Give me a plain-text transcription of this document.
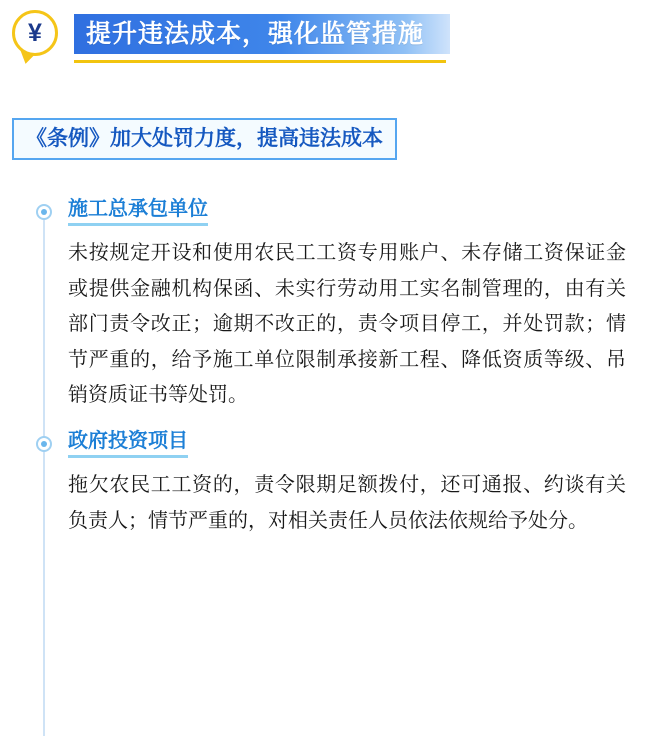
¥	提升违法成本，强化监管措施
《条例》加大处罚力度，提高违法成本
施工总承包单位

未按规定开设和使用农民工工资专用账户、未存储工资保证金或提供金融机构保函、未实行劳动用工实名制管理的，由有关部门责令改正；逾期不改正的，责令项目停工，并处罚款；情节严重的，给予施工单位限制承接新工程、降低资质等级、吊销资质证书等处罚。

政府投资项目

拖欠农民工工资的，责令限期足额拨付，还可通报、约谈有关负责人；情节严重的，对相关责任人员依法依规给予处分。
